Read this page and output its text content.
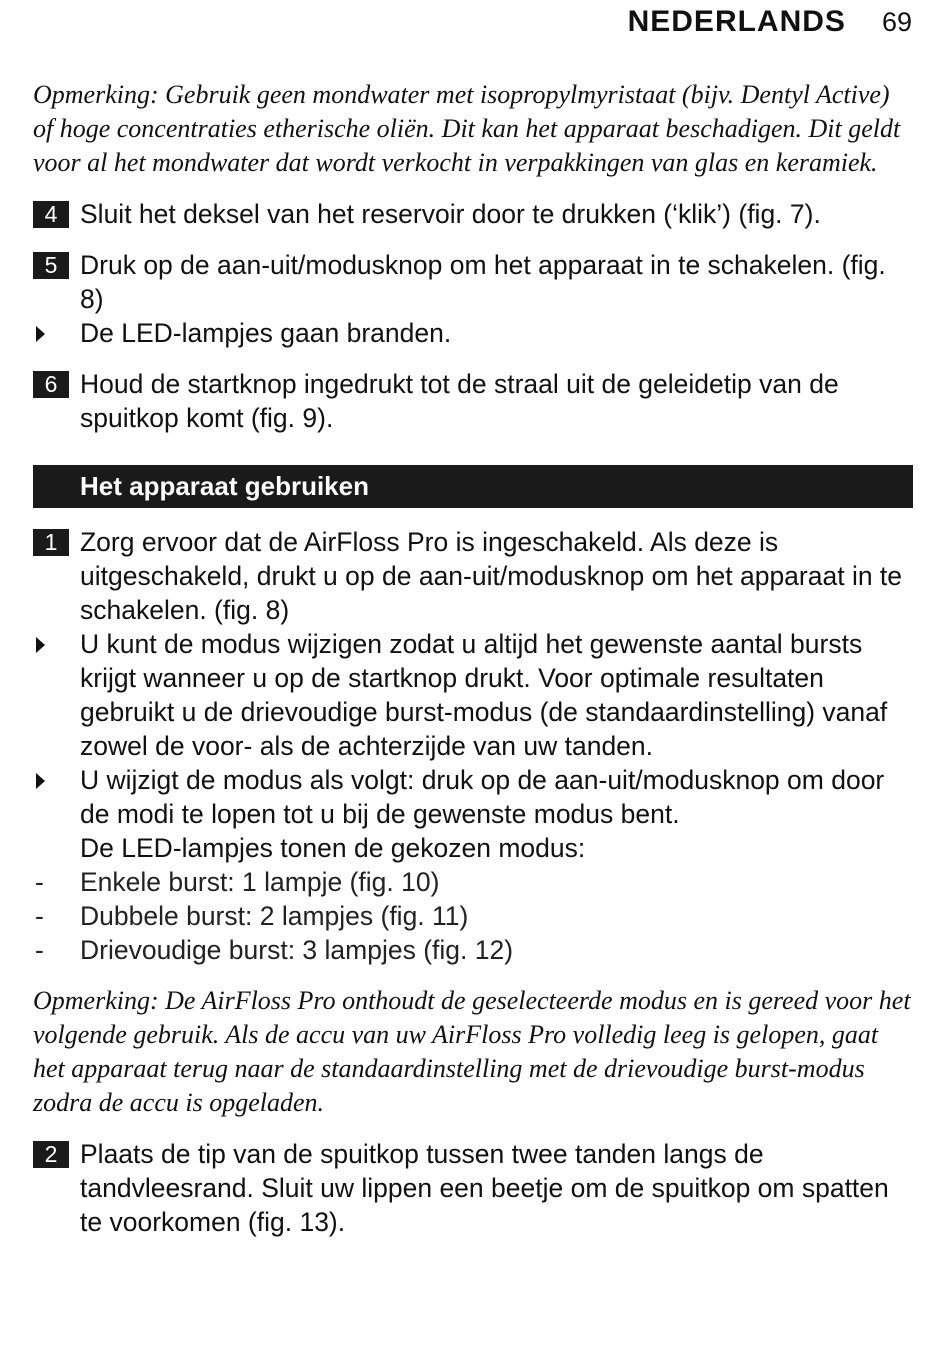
NEDERLANDS 69

Opmerking: Gebruik geen mondwater met isopropylmyristaat (bijv. Dentyl Active) of hoge concentraties etherische oliën. Dit kan het apparaat beschadigen. Dit geldt voor al het mondwater dat wordt verkocht in verpakkingen van glas en keramiek.

4 Sluit het deksel van het reservoir door te drukken (‘klik’) (fig. 7).
5 Druk op de aan-uit/modusknop om het apparaat in te schakelen. (fig. 8)
De LED-lampjes gaan branden.
6 Houd de startknop ingedrukt tot de straal uit de geleidetip van de spuitkop komt (fig. 9).
Het apparaat gebruiken
1 Zorg ervoor dat de AirFloss Pro is ingeschakeld. Als deze is uitgeschakeld, drukt u op de aan-uit/modusknop om het apparaat in te schakelen. (fig. 8)
U kunt de modus wijzigen zodat u altijd het gewenste aantal bursts krijgt wanneer u op de startknop drukt. Voor optimale resultaten gebruikt u de drievoudige burst-modus (de standaardinstelling) vanaf zowel de voor- als de achterzijde van uw tanden.
U wijzigt de modus als volgt: druk op de aan-uit/modusknop om door de modi te lopen tot u bij de gewenste modus bent.
De LED-lampjes tonen de gekozen modus:
- Enkele burst: 1 lampje (fig. 10)
- Dubbele burst: 2 lampjes (fig. 11)
- Drievoudige burst: 3 lampjes (fig. 12)

Opmerking: De AirFloss Pro onthoudt de geselecteerde modus en is gereed voor het volgende gebruik. Als de accu van uw AirFloss Pro volledig leeg is gelopen, gaat het apparaat terug naar de standaardinstelling met de drievoudige burst-modus zodra de accu is opgeladen.

2 Plaats de tip van de spuitkop tussen twee tanden langs de tandvleesrand. Sluit uw lippen een beetje om de spuitkop om spatten te voorkomen (fig. 13).
